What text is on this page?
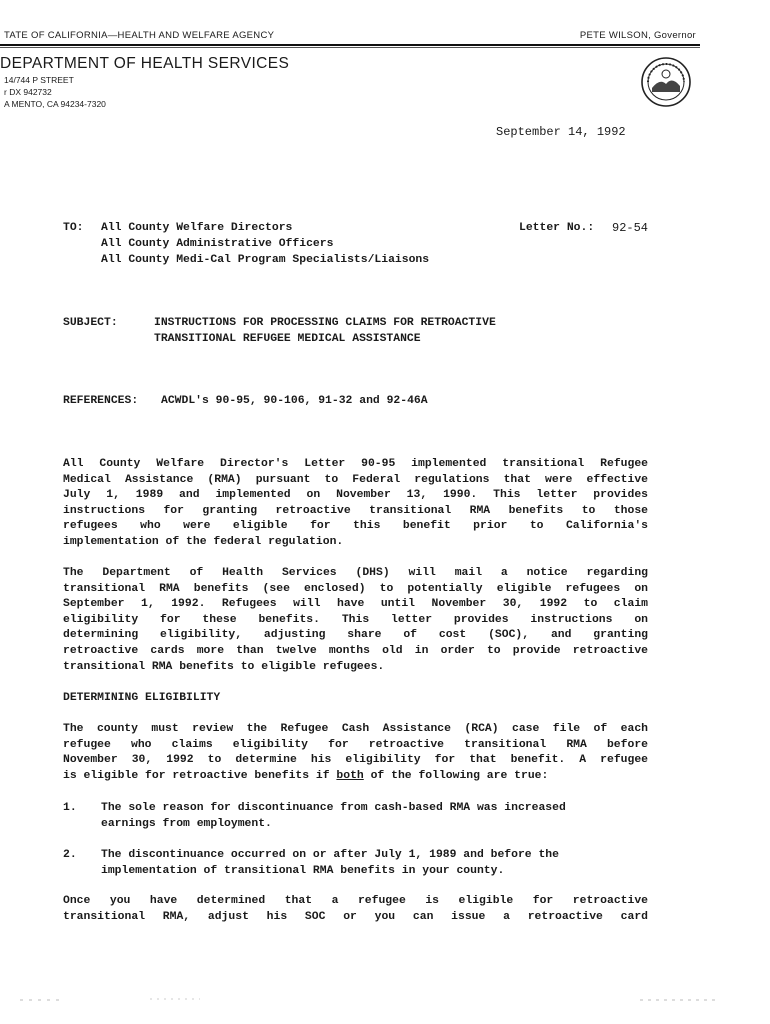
TATE OF CALIFORNIA—HEALTH AND WELFARE AGENCY	PETE WILSON, Governor
DEPARTMENT OF HEALTH SERVICES
14/744 P STREET
r DX 942732
A MENTO, CA 94234-7320
September 14, 1992
TO: All County Welfare Directors
All County Administrative Officers
All County Medi-Cal Program Specialists/Liaisons
Letter No.: 92-54
SUBJECT:	INSTRUCTIONS FOR PROCESSING CLAIMS FOR RETROACTIVE
TRANSITIONAL REFUGEE MEDICAL ASSISTANCE
REFERENCES: ACWDL's 90-95, 90-106, 91-32 and 92-46A
All County Welfare Director's Letter 90-95 implemented transitional Refugee
Medical Assistance (RMA) pursuant to Federal regulations that were effective
July 1, 1989 and implemented on November 13, 1990. This letter provides
instructions for granting retroactive transitional RMA benefits to those
refugees who were eligible for this benefit prior to California's
implementation of the federal regulation.
The Department of Health Services (DHS) will mail a notice regarding
transitional RMA benefits (see enclosed) to potentially eligible refugees on
September 1, 1992. Refugees will have until November 30, 1992 to claim
eligibility for these benefits. This letter provides instructions on
determining eligibility, adjusting share of cost (SOC), and granting
retroactive cards more than twelve months old in order to provide retroactive
transitional RMA benefits to eligible refugees.
DETERMINING ELIGIBILITY
The county must review the Refugee Cash Assistance (RCA) case file of each
refugee who claims eligibility for retroactive transitional RMA before
November 30, 1992 to determine his eligibility for that benefit. A refugee
is eligible for retroactive benefits if both of the following are true:
1. The sole reason for discontinuance from cash-based RMA was increased
earnings from employment.
2. The discontinuance occurred on or after July 1, 1989 and before the
implementation of transitional RMA benefits in your county.
Once you have determined that a refugee is eligible for retroactive
transitional RMA, adjust his SOC or you can issue a retroactive card
